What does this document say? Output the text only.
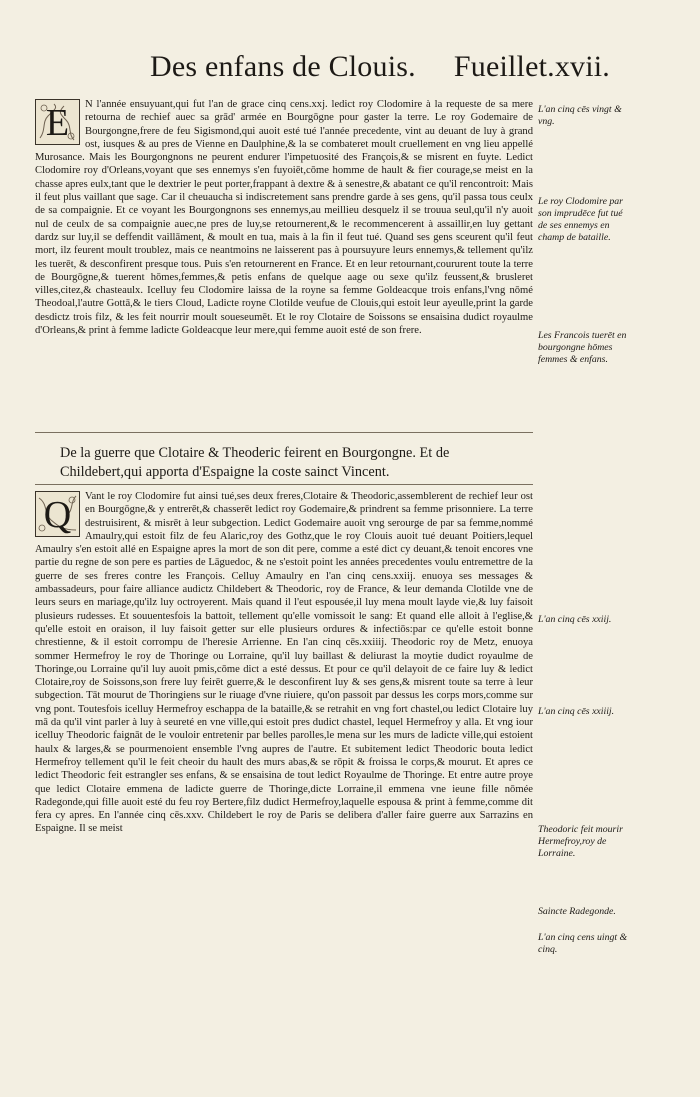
Des enfans de Clouis. Fueillet.xvii.
E	N l'année ensuyuant,qui fut l'an de grace cinq cens.xxj. ledict roy Clodomire à la requeste de sa mere retourna de rechief auec sa grād' armée en Bourgōgne pour gaster la terre. Le roy Godemaire de Bourgongne,frere de feu Sigismond,qui auoit esté tué l'année precedente, vint au deuant de luy à grand ost, iusques & au pres de Vienne en Daulphine,& la se combateret moult cruellement en vng lieu appellé Murosance. Mais les Bourgongnons ne peurent endurer l'impetuosité des François,& se misrent en fuyte. Ledict Clodomire roy d'Orleans,voyant que ses ennemys s'en fuyoiēt,cōme homme de hault & fier courage,se meist en la chasse apres eulx,tant que le dextrier le peut porter,frappant à dextre & à senestre,& abatant ce qu'il rencontroit: Mais il feut plus vaillant que sage. Car il cheuaucha si indiscretement sans prendre garde à ses gens, qu'il passa tous ceulx de sa compaignie. Et ce voyant les Bourgongnons ses ennemys,au meillieu desquelz il se trouua seul,qu'il n'y auoit nul de ceulx de sa compaignie auec,ne pres de luy,se retournerent,& le recommencerent à assaillir,en luy gettant dardz sur luy,il se deffendit vaillāment, & moult en tua, mais à la fin il feut tué. Quand ses gens sceurent qu'il feut mort, ilz feurent moult troublez, mais ce neantmoins ne laisserent pas à poursuyure leurs ennemys,& tellement qu'ilz les tuerēt, & desconfirent presque tous. Puis s'en retournerent en France. Et en leur retournant,coururent toute la terre de Bourgōgne,& tuerent hōmes,femmes,& petis enfans de quelque aage ou sexe qu'ilz feussent,& brusleret villes,citez,& chasteaulx. Icelluy feu Clodomire laissa de la royne sa femme Goldeacque trois enfans,l'vng nōmé Theodoal,l'autre Gottā,& le tiers Cloud, Ladicte royne Clotilde veufue de Clouis,qui estoit leur ayeulle,print la garde desdictz trois filz, & les feit nourrir moult soueseumēt. Et le roy Clotaire de Soissons se ensaisina dudict royaulme d'Orleans,& print à femme ladicte Goldeacque leur mere,qui femme auoit esté de son frere.

De la guerre que Clotaire & Theoderic feirent en Bourgongne. Et de Childebert,qui apporta d'Espaigne la coste sainct Vincent.
Q	Vant le roy Clodomire fut ainsi tué,ses deux freres,Clotaire & Theodoric,assemblerent de rechief leur ost en Bourgōgne,& y entrerēt,& chasserēt ledict roy Godemaire,& prindrent sa femme prisonniere. La terre destruisirent, & misrēt à leur subgection. Ledict Godemaire auoit vng serourge de par sa femme,nommé Amaulry,qui estoit filz de feu Alaric,roy des Gothz,que le roy Clouis auoit tué deuant Poitiers,lequel Amaulry s'en estoit allé en Espaigne apres la mort de son dit pere, comme a esté dict cy deuant,& tenoit encores vne partie du regne de son pere es parties de Lāguedoc, & ne s'estoit point les années precedentes voulu entremettre de la guerre de ses freres contre les François. Celluy Amaulry en l'an cinq cens.xxiij. enuoya ses messages & ambassadeurs, pour faire alliance audictz Childebert & Theodoric, roy de France, & leur demanda Clotilde vne de leurs seurs en mariage,qu'ilz luy octroyerent. Mais quand il l'eut espousée,il luy mena moult layde vie,& luy faisoit plusieurs rudesses. Et souuentesfois la battoit, tellement qu'elle vomissoit le sang: Et quand elle alloit à l'eglise,& qu'elle estoit en oraison, il luy faisoit getter sur elle plusieurs ordures & infectiōs:par ce qu'elle estoit bonne chrestienne, & il estoit corrompu de l'heresie Arrienne. En l'an cinq cēs.xxiiij. Theodoric roy de Metz, enuoya sommer Hermefroy le roy de Thoringe ou Lorraine, qu'il luy baillast & deliurast la moytie dudict royaulme de Thoringe,ou Lorraine qu'il luy auoit pmis,cōme dict a esté dessus. Et pour ce qu'il delayoit de ce faire luy & ledict Clotaire,roy de Soissons,son frere luy feirēt guerre,& le desconfirent luy & ses gens,& misrent toute sa terre à leur subgection. Tāt mourut de Thoringiens sur le riuage d'vne riuiere, qu'on passoit par dessus les corps mors,comme sur vng pont. Toutesfois icelluy Hermefroy eschappa de la bataille,& se retrahit en vng fort chastel,ou ledict Clotaire luy mā da qu'il vint parler à luy à seureté en vne ville,qui estoit pres dudict chastel, lequel Hermefroy y alla. Et vng iour icelluy Theodoric faignāt de le vouloir entretenir par belles parolles,le mena sur les murs de ladicte ville,qui estoient haulx & larges,& se pourmenoient ensemble l'vng aupres de l'autre. Et subitement ledict Theodoric bouta ledict Hermefroy tellement qu'il le feit cheoir du hault des murs abas,& se rōpit & froissa le corps,& mourut. Et apres ce ledict Theodoric feit estrangler ses enfans, & se ensaisina de tout ledict Royaulme de Thoringe. Et entre autre proye que ledict Clotaire emmena de ladicte guerre de Thoringe,dicte Lorraine,il emmena vne ieune fille nōmée Radegonde,qui fille auoit esté du feu roy Bertere,filz dudict Hermefroy,laquelle espousa & print à femme,comme dit fera cy apres. En l'année cinq cēs.xxv. Childebert le roy de Paris se delibera d'aller faire guerre aux Sarrazins en Espaigne. Il se meist

L'an cinq cēs vingt & vng.
Le roy Clodomire par son imprudēce fut tué de ses ennemys en champ de bataille.
Les Francois tuerēt en bourgongne hōmes femmes & enfans.
L'an cinq cēs xxiij.
L'an cinq cēs xxiiij.
Theodoric feit mourir Hermefroy,roy de Lorraine.
Saincte Radegonde.
L'an cinq cens uingt & cinq.
